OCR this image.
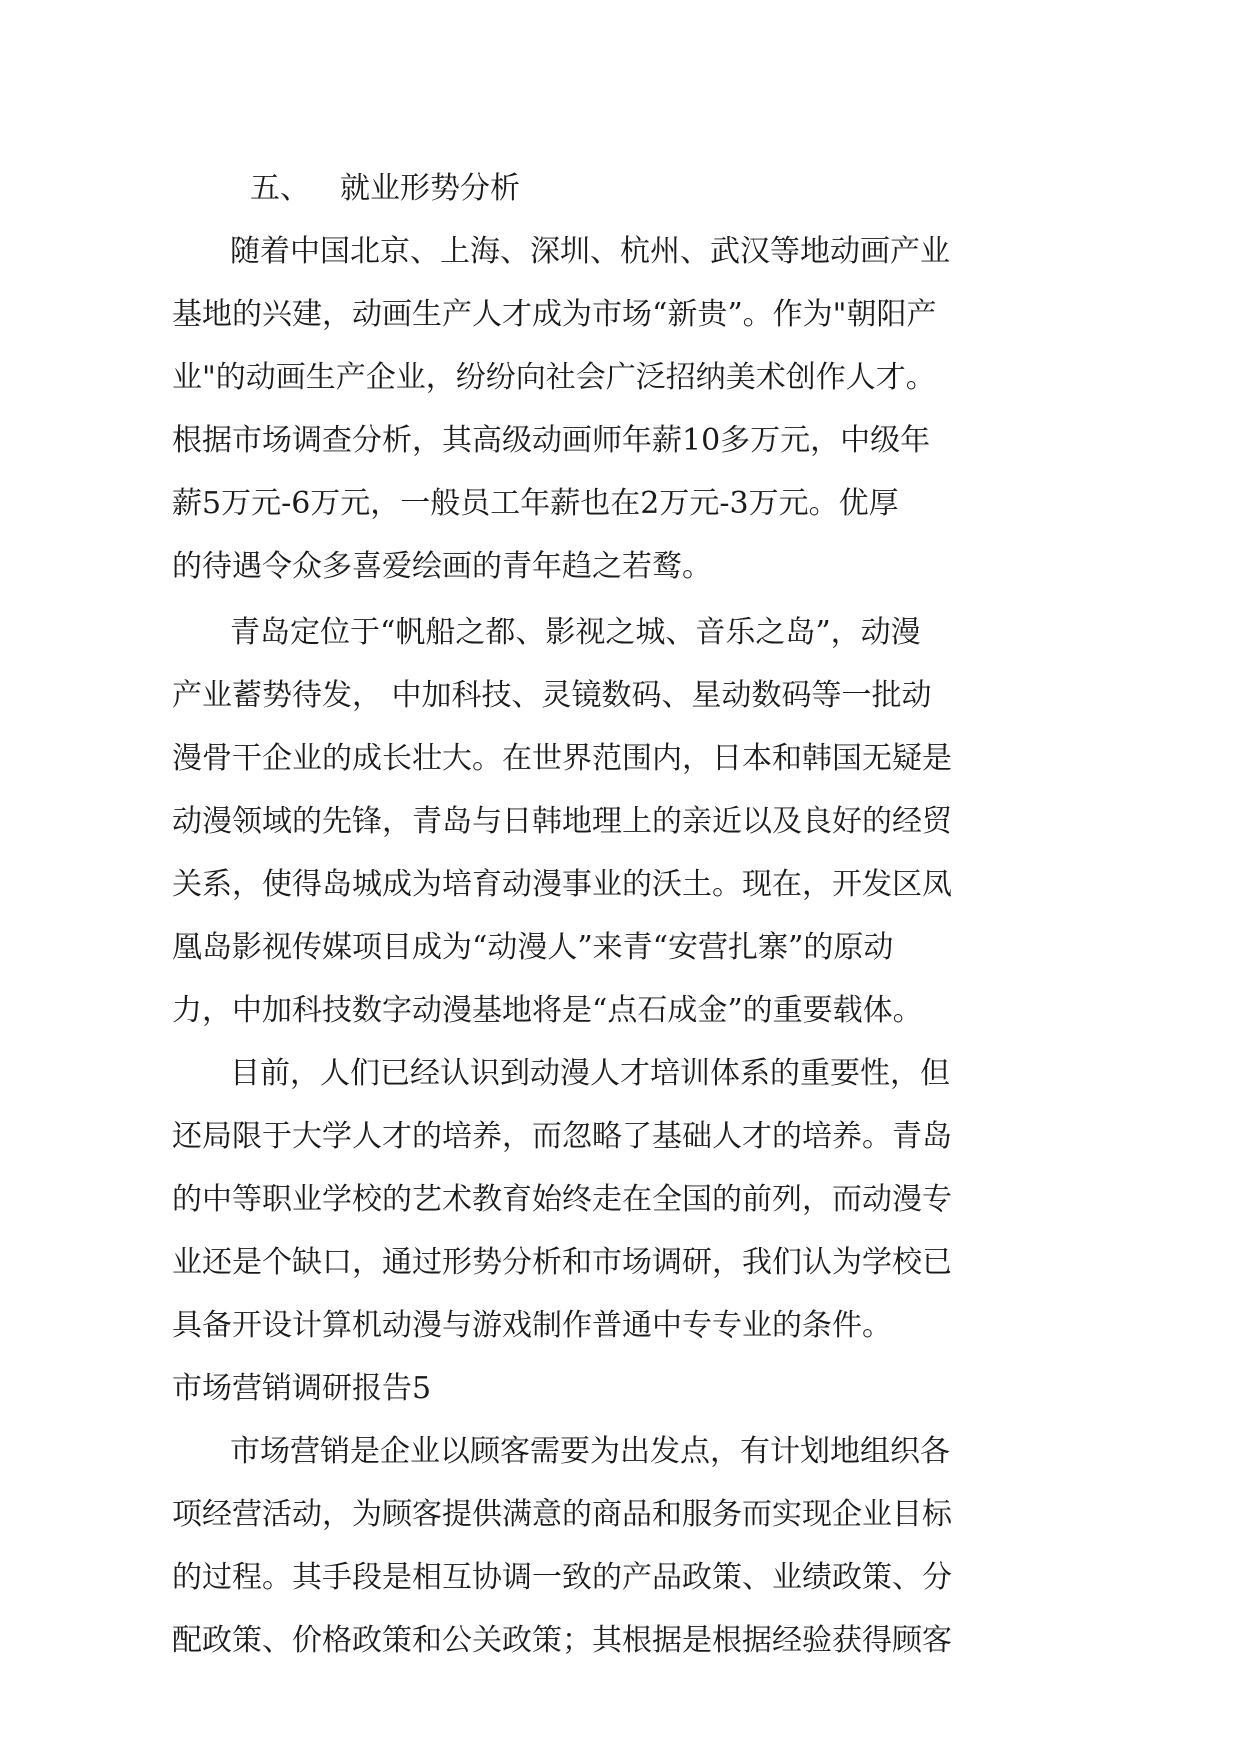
五、 就业形势分析
随着中国北京、上海、深圳、杭州、武汉等地动画产业
基地的兴建，动画生产人才成为市场“新贵”。作为"朝阳产
业"的动画生产企业，纷纷向社会广泛招纳美术创作人才。
根据市场调查分析，其高级动画师年薪10多万元，中级年
薪5万元-6万元，一般员工年薪也在2万元-3万元。优厚
的待遇令众多喜爱绘画的青年趋之若鹜。
青岛定位于“帆船之都、影视之城、音乐之岛”，动漫
产业蓄势待发， 中加科技、灵镜数码、星动数码等一批动
漫骨干企业的成长壮大。在世界范围内，日本和韩国无疑是
动漫领域的先锋，青岛与日韩地理上的亲近以及良好的经贸
关系，使得岛城成为培育动漫事业的沃土。现在，开发区凤
凰岛影视传媒项目成为“动漫人”来青“安营扎寨”的原动
力，中加科技数字动漫基地将是“点石成金”的重要载体。
目前，人们已经认识到动漫人才培训体系的重要性，但
还局限于大学人才的培养，而忽略了基础人才的培养。青岛
的中等职业学校的艺术教育始终走在全国的前列，而动漫专
业还是个缺口，通过形势分析和市场调研，我们认为学校已
具备开设计算机动漫与游戏制作普通中专专业的条件。
市场营销调研报告5
市场营销是企业以顾客需要为出发点，有计划地组织各
项经营活动，为顾客提供满意的商品和服务而实现企业目标
的过程。其手段是相互协调一致的产品政策、业绩政策、分
配政策、价格政策和公关政策；其根据是根据经验获得顾客
